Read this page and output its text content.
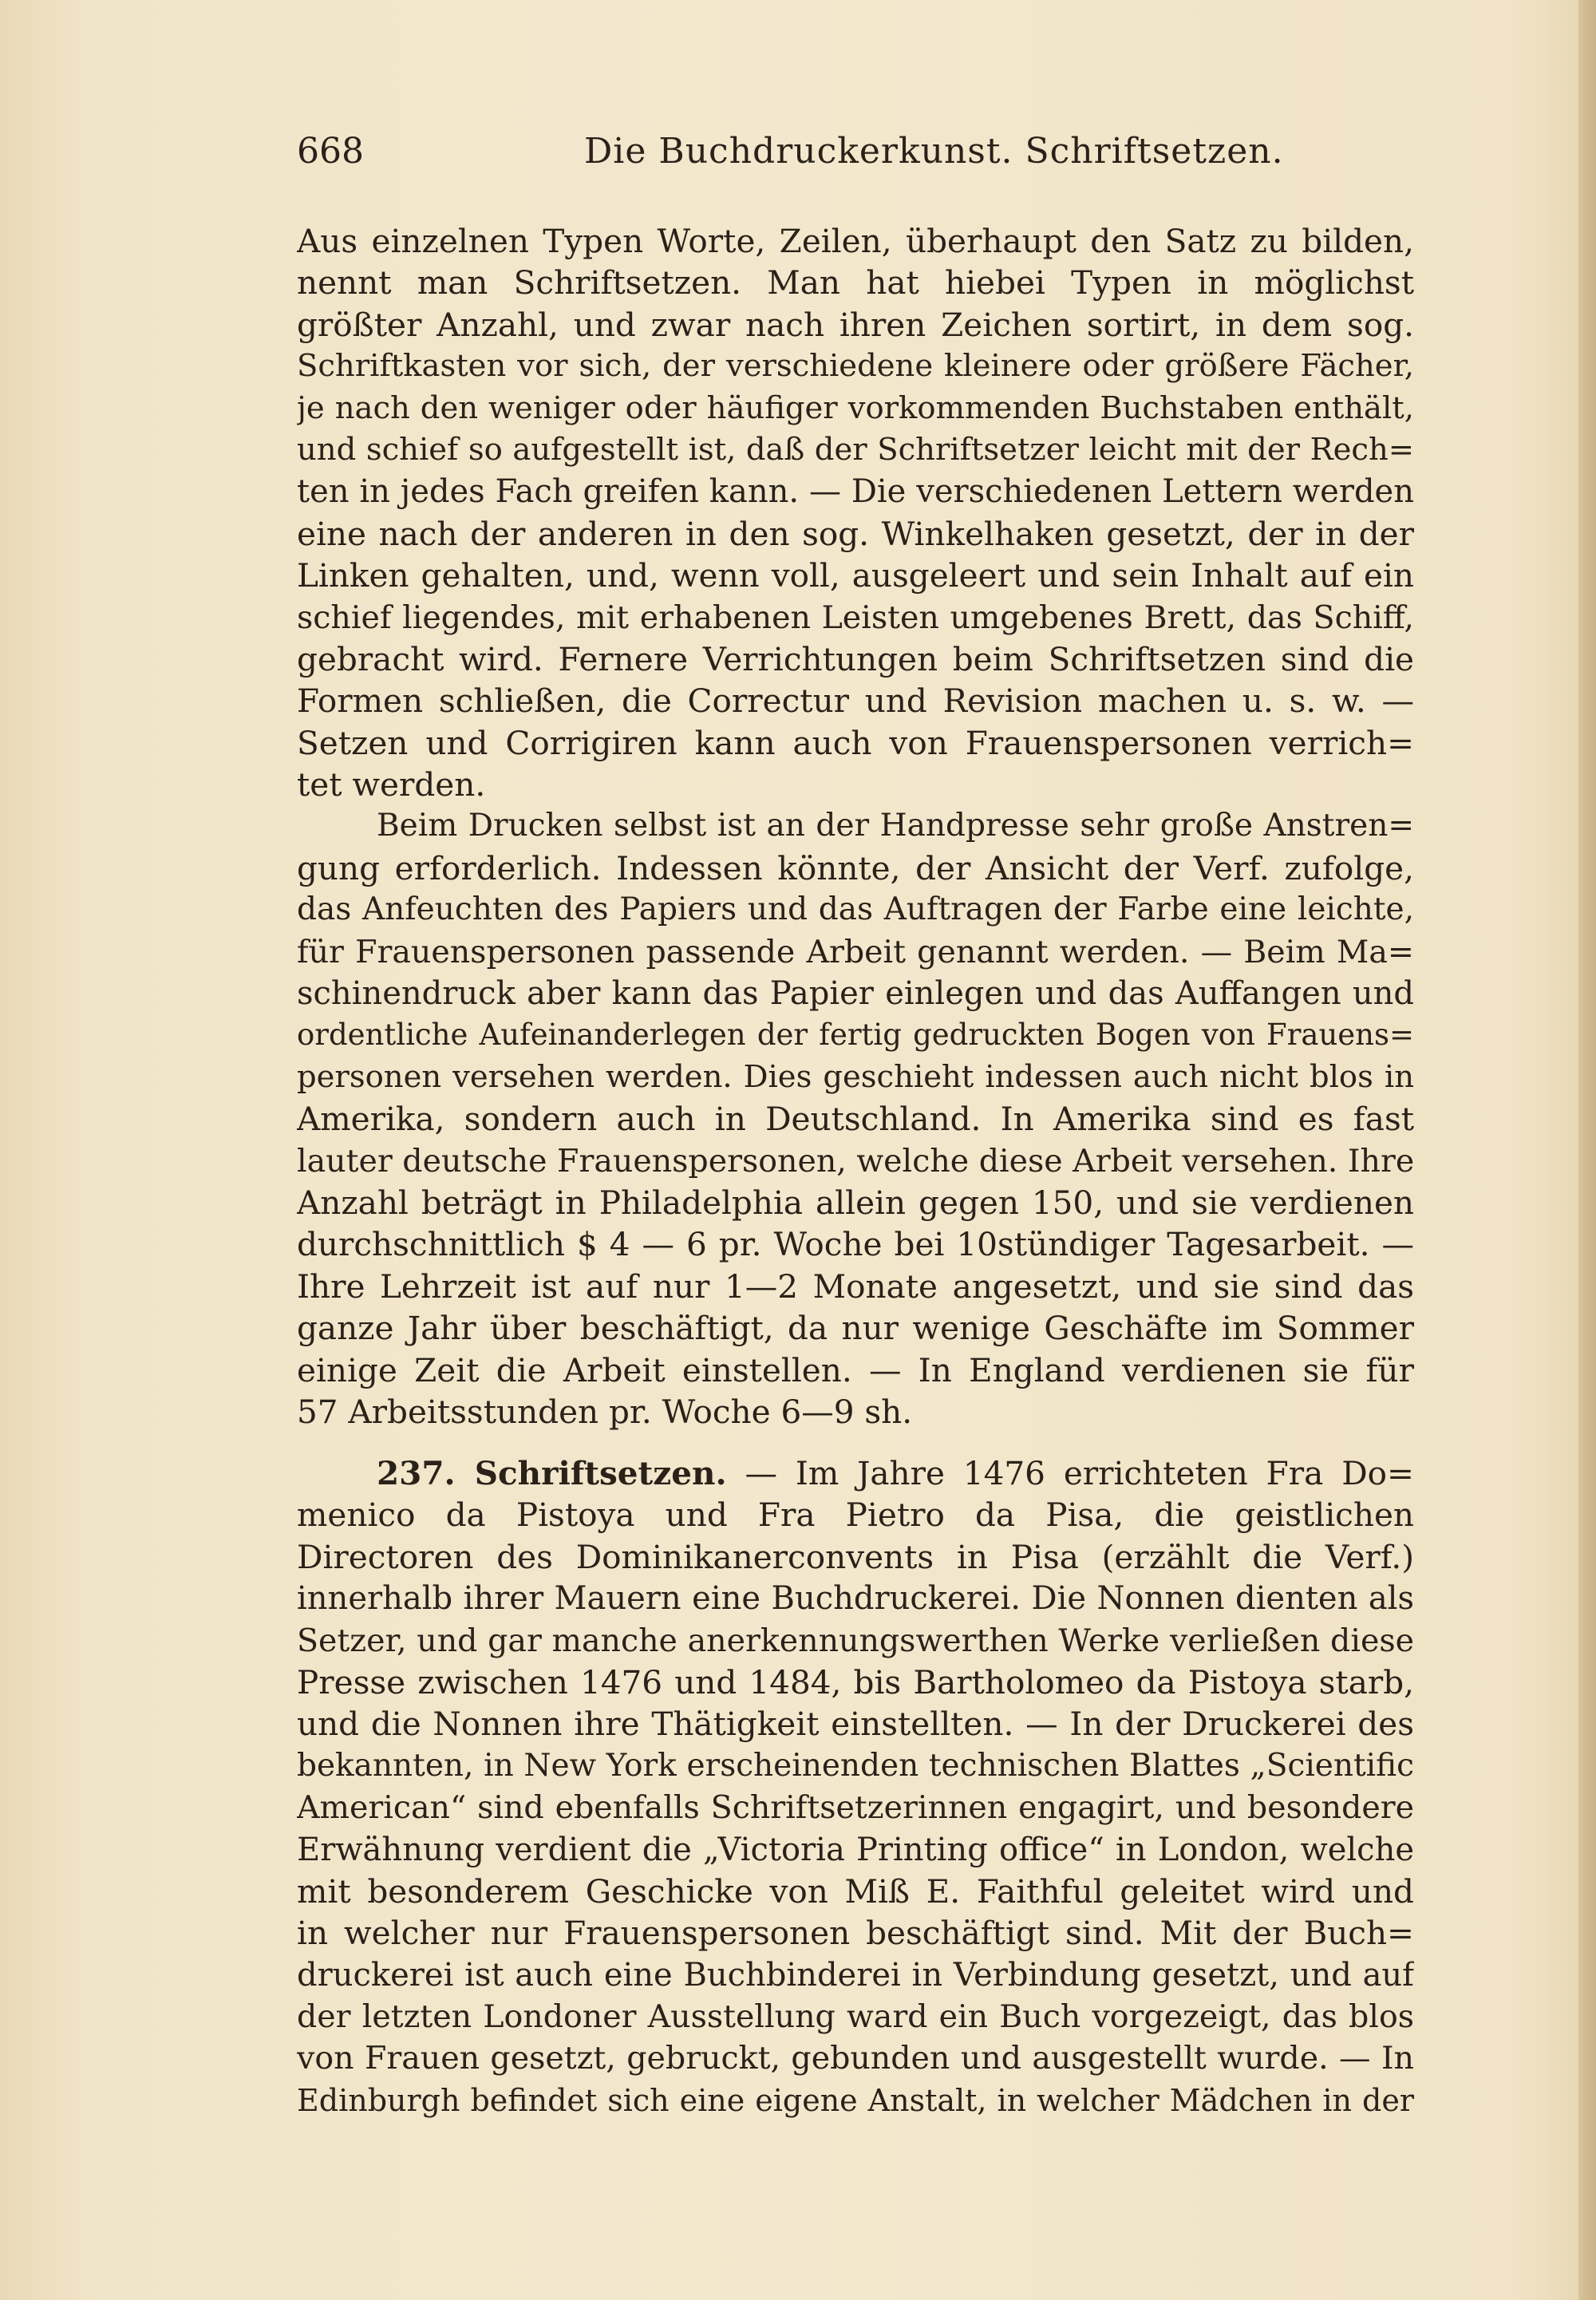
668	Die Buchdruckerkunst. Schriftsetzen.
Aus einzelnen Typen Worte, Zeilen, überhaupt den Satz zu bilden,
nennt man Schriftsetzen. Man hat hiebei Typen in möglichst
größter Anzahl, und zwar nach ihren Zeichen sortirt, in dem sog.
Schriftkasten vor sich, der verschiedene kleinere oder größere Fächer,
je nach den weniger oder häufiger vorkommenden Buchstaben enthält,
und schief so aufgestellt ist, daß der Schriftsetzer leicht mit der Rech=
ten in jedes Fach greifen kann. — Die verschiedenen Lettern werden
eine nach der anderen in den sog. Winkelhaken gesetzt, der in der
Linken gehalten, und, wenn voll, ausgeleert und sein Inhalt auf ein
schief liegendes, mit erhabenen Leisten umgebenes Brett, das Schiff,
gebracht wird. Fernere Verrichtungen beim Schriftsetzen sind die
Formen schließen, die Correctur und Revision machen u. s. w. —
Setzen und Corrigiren kann auch von Frauenspersonen verrich=
tet werden.
Beim Drucken selbst ist an der Handpresse sehr große Anstren=
gung erforderlich. Indessen könnte, der Ansicht der Verf. zufolge,
das Anfeuchten des Papiers und das Auftragen der Farbe eine leichte,
für Frauenspersonen passende Arbeit genannt werden. — Beim Ma=
schinendruck aber kann das Papier einlegen und das Auffangen und
ordentliche Aufeinanderlegen der fertig gedruckten Bogen von Frauens=
personen versehen werden. Dies geschieht indessen auch nicht blos in
Amerika, sondern auch in Deutschland. In Amerika sind es fast
lauter deutsche Frauenspersonen, welche diese Arbeit versehen. Ihre
Anzahl beträgt in Philadelphia allein gegen 150, und sie verdienen
durchschnittlich $ 4 — 6 pr. Woche bei 10stündiger Tagesarbeit. —
Ihre Lehrzeit ist auf nur 1—2 Monate angesetzt, und sie sind das
ganze Jahr über beschäftigt, da nur wenige Geschäfte im Sommer
einige Zeit die Arbeit einstellen. — In England verdienen sie für
57 Arbeitsstunden pr. Woche 6—9 sh.
237. Schriftsetzen. — Im Jahre 1476 errichteten Fra Do=
menico da Pistoya und Fra Pietro da Pisa, die geistlichen
Directoren des Dominikanerconvents in Pisa (erzählt die Verf.)
innerhalb ihrer Mauern eine Buchdruckerei. Die Nonnen dienten als
Setzer, und gar manche anerkennungswerthen Werke verließen diese
Presse zwischen 1476 und 1484, bis Bartholomeo da Pistoya starb,
und die Nonnen ihre Thätigkeit einstellten. — In der Druckerei des
bekannten, in New York erscheinenden technischen Blattes „Scientific
American“ sind ebenfalls Schriftsetzerinnen engagirt, und besondere
Erwähnung verdient die „Victoria Printing office“ in London, welche
mit besonderem Geschicke von Miß E. Faithful geleitet wird und
in welcher nur Frauenspersonen beschäftigt sind. Mit der Buch=
druckerei ist auch eine Buchbinderei in Verbindung gesetzt, und auf
der letzten Londoner Ausstellung ward ein Buch vorgezeigt, das blos
von Frauen gesetzt, gebruckt, gebunden und ausgestellt wurde. — In
Edinburgh befindet sich eine eigene Anstalt, in welcher Mädchen in der
